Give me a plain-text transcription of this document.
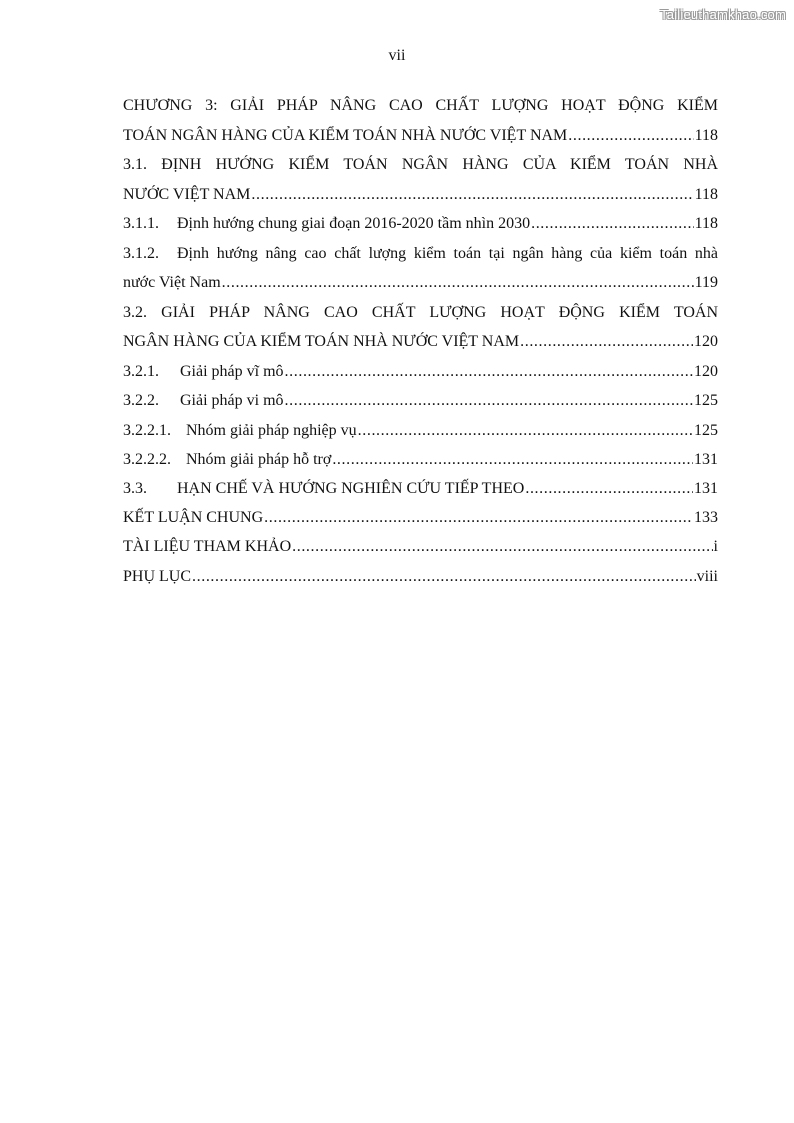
Tailieuthamkhao.com
vii
CHƯƠNG 3: GIẢI PHÁP NÂNG CAO CHẤT LƯỢNG HOẠT ĐỘNG KIỂM
TOÁN NGÂN HÀNG CỦA KIỂM TOÁN NHÀ NƯỚC VIỆT NAM .....	118
3.1. ĐỊNH HƯỚNG KIỂM TOÁN NGÂN HÀNG CỦA KIỂM TOÁN NHÀ
NƯỚC VIỆT NAM .....	118
3.1.1.	Định hướng chung giai đoạn 2016-2020 tầm nhìn 2030 .....	118
3.1.2. Định hướng nâng cao chất lượng kiểm toán tại ngân hàng của kiểm toán nhà
nước Việt Nam .....	119
3.2. GIẢI PHÁP NÂNG CAO CHẤT LƯỢNG HOẠT ĐỘNG KIỂM TOÁN
NGÂN HÀNG CỦA KIỂM TOÁN NHÀ NƯỚC VIỆT NAM .....	120
3.2.1.	Giải pháp vĩ mô .....	120
3.2.2.	Giải pháp vi mô .....	125
3.2.2.1. Nhóm giải pháp nghiệp vụ .....	125
3.2.2.2. Nhóm giải pháp hỗ trợ .....	131
3.3.	HẠN CHẾ VÀ HƯỚNG NGHIÊN CỨU TIẾP THEO .....	131
KẾT LUẬN CHUNG .....	133
TÀI LIỆU THAM KHẢO .....	i
PHỤ LỤC .....	viii
